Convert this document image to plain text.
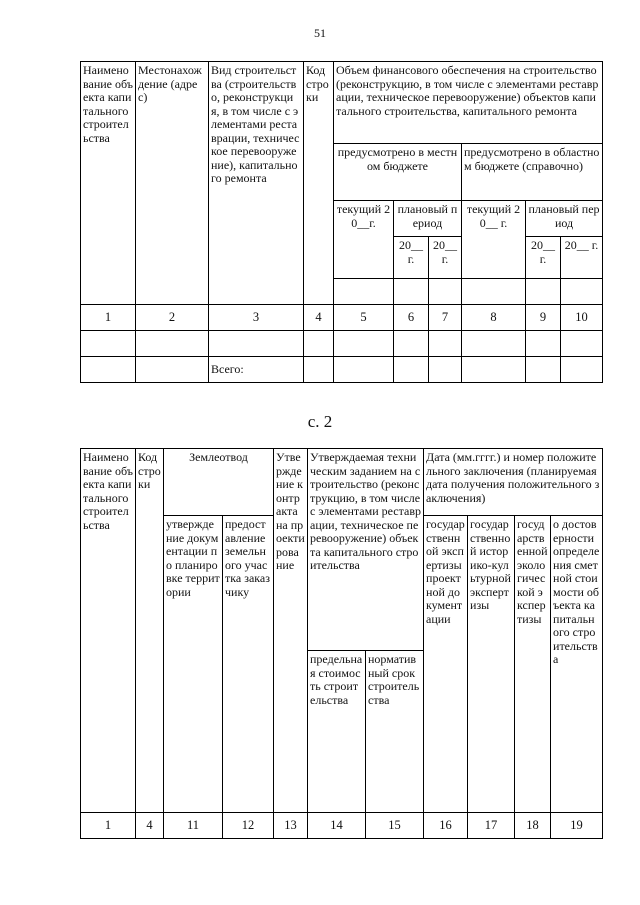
51
Наименование объекта капитального строительства	Местонахождение (адрес)	Вид строительства (строительство, реконструкция, в том числе с элементами реставрации, техническое перевооружение), капитального ремонта	Код строки	Объем финансового обеспечения на строительство (реконструкцию, в том числе с элементами реставрации, техническое перевооружение) объектов капитального строительства, капитального ремонта					
				предусмотрено в местном бюджете			предусмотрено в областном бюджете (справочно)		
				текущий 20__г.	плановый период		текущий 20__ г.	плановый период	
					20__ г.	20__ г.		20__ г.	20__ г.

1	2	3	4	5	6	7	8	9	10

		Всего:							
с. 2
Наименование объекта капитального строительства	Код строки	Землеотвод		Утверждение контракта на проектирование	Утверждаемая техническим заданием на строительство (реконструкцию, в том числе с элементами реставрации, техническое перевооружение) объекта капитального строительства		Дата (мм.гггг.) и номер положительного заключения (планируемая дата получения положительного заключения)			
		утверждение документации по планировке территории	предоставление земельного участка заказчику				государственной экспертизы проектной документации	государственной историко-культурной экспертизы	государственной экологической экспертизы	о достоверности определения сметной стоимости объекта капитального строительства
					предельная стоимость строительства	нормативный срок строительства				
1	4	11	12	13	14	15	16	17	18	19
